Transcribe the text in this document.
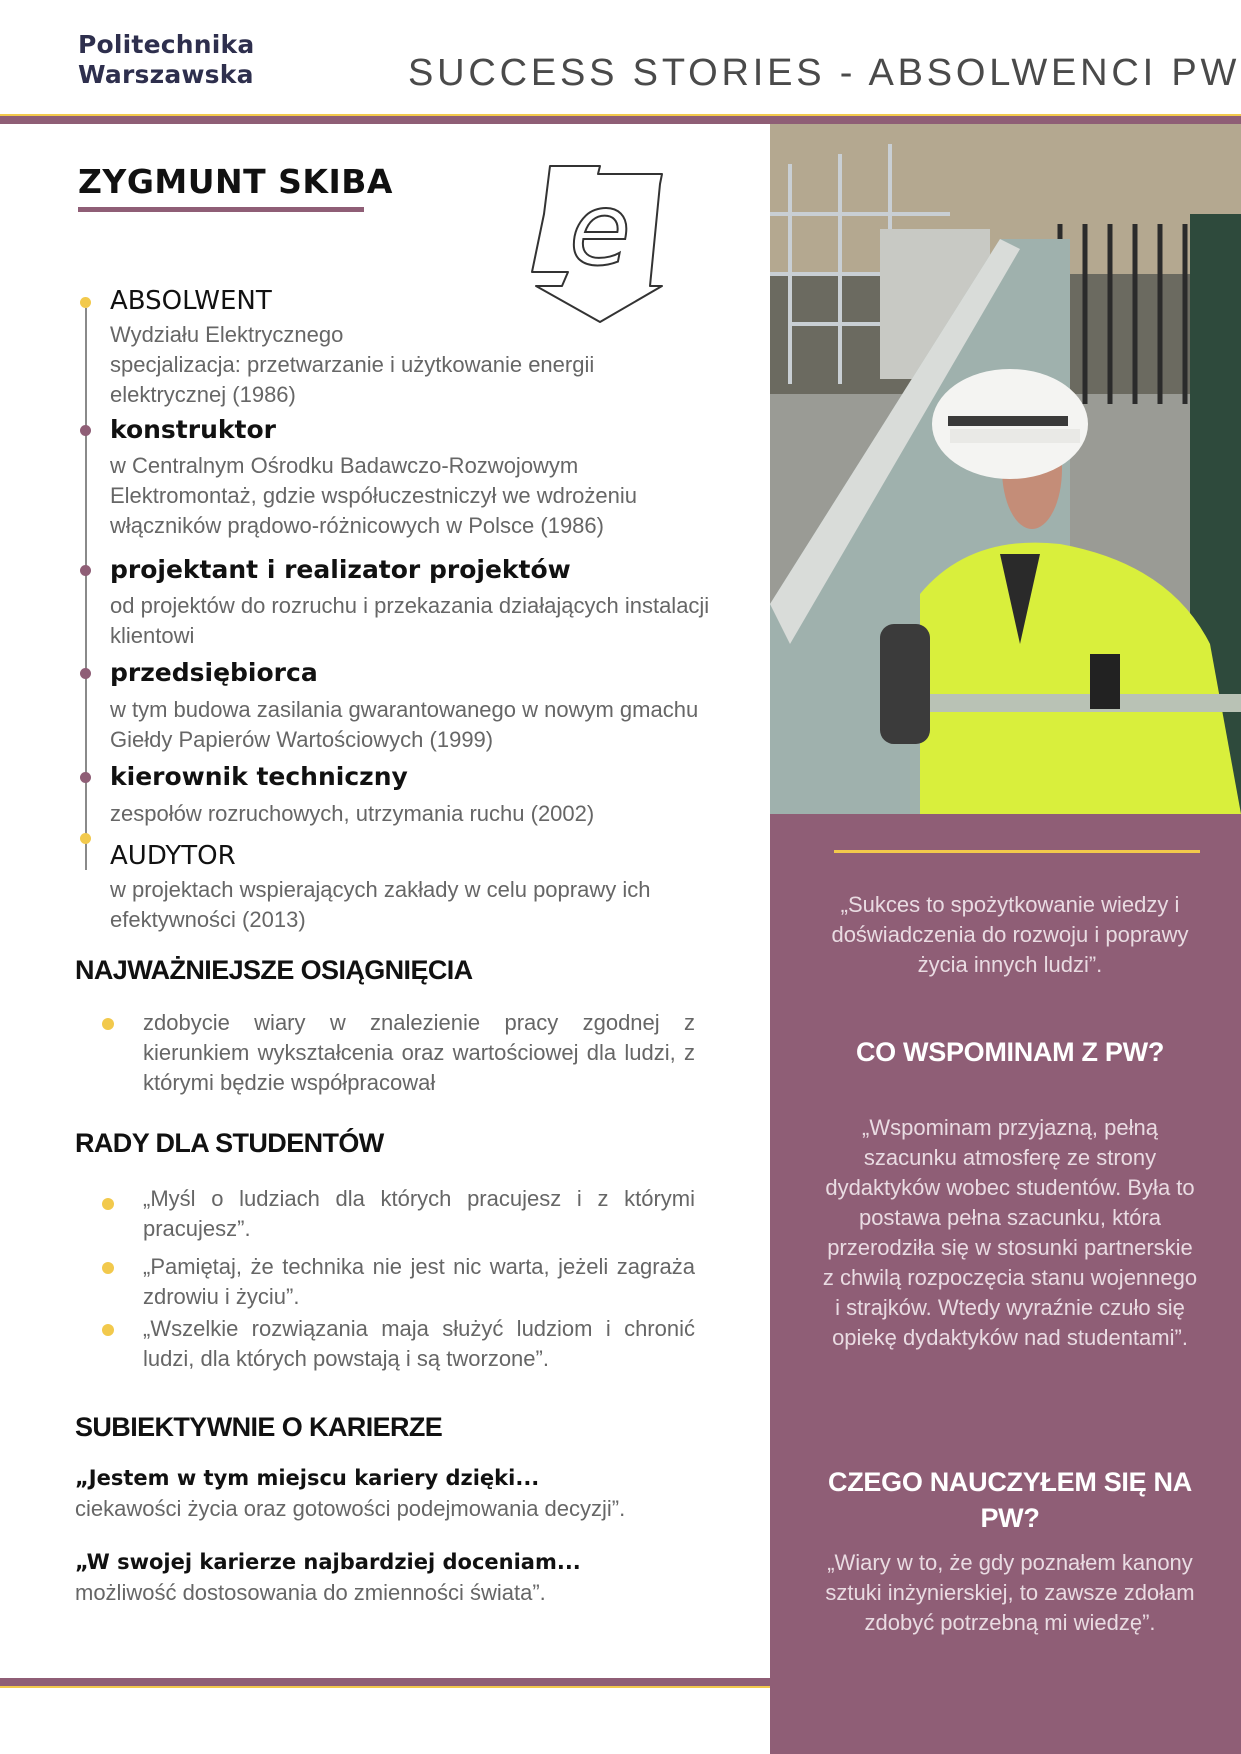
Politechnika
Warszawska	SUCCESS STORIES - ABSOLWENCI PW
„Sukces to spożytkowanie wiedzy i doświadczenia do rozwoju i poprawy życia innych ludzi”.
CO WSPOMINAM Z PW?
„Wspominam przyjazną, pełną szacunku atmosferę ze strony dydaktyków wobec studentów. Była to postawa pełna szacunku, która przerodziła się w stosunki partnerskie z chwilą rozpoczęcia stanu wojennego i strajków. Wtedy wyraźnie czuło się opiekę dydaktyków nad studentami”.
CZEGO NAUCZYŁEM SIĘ NA PW?
„Wiary w to, że gdy poznałem kanony sztuki inżynierskiej, to zawsze zdołam zdobyć potrzebną mi wiedzę”.
ZYGMUNT SKIBA e
ABSOLWENT
Wydziału Elektrycznego
specjalizacja: przetwarzanie i użytkowanie energii elektrycznej (1986)
konstruktor
w Centralnym Ośrodku Badawczo-Rozwojowym Elektromontaż, gdzie współuczestniczył we wdrożeniu włączników prądowo-różnicowych w Polsce (1986)
projektant i realizator projektów
od projektów do rozruchu i przekazania działających instalacji klientowi
przedsiębiorca
w tym budowa zasilania gwarantowanego w nowym gmachu Giełdy Papierów Wartościowych (1999)
kierownik techniczny
zespołów rozruchowych, utrzymania ruchu (2002)
AUDYTOR
w projektach wspierających zakłady w celu poprawy ich efektywności (2013)
NAJWAŻNIEJSZE OSIĄGNIĘCIA
zdobycie wiary w znalezienie pracy zgodnej z kierunkiem wykształcenia oraz wartościowej dla ludzi, z którymi będzie współpracował
RADY DLA STUDENTÓW
„Myśl o ludziach dla których pracujesz i z którymi pracujesz”.
„Pamiętaj, że technika nie jest nic warta, jeżeli zagraża zdrowiu i życiu”.
„Wszelkie rozwiązania maja służyć ludziom i chronić ludzi, dla których powstają i są tworzone”.
SUBIEKTYWNIE O KARIERZE
„Jestem w tym miejscu kariery dzięki...
ciekawości życia oraz gotowości podejmowania decyzji”.
„W swojej karierze najbardziej doceniam...
możliwość dostosowania do zmienności świata”.
